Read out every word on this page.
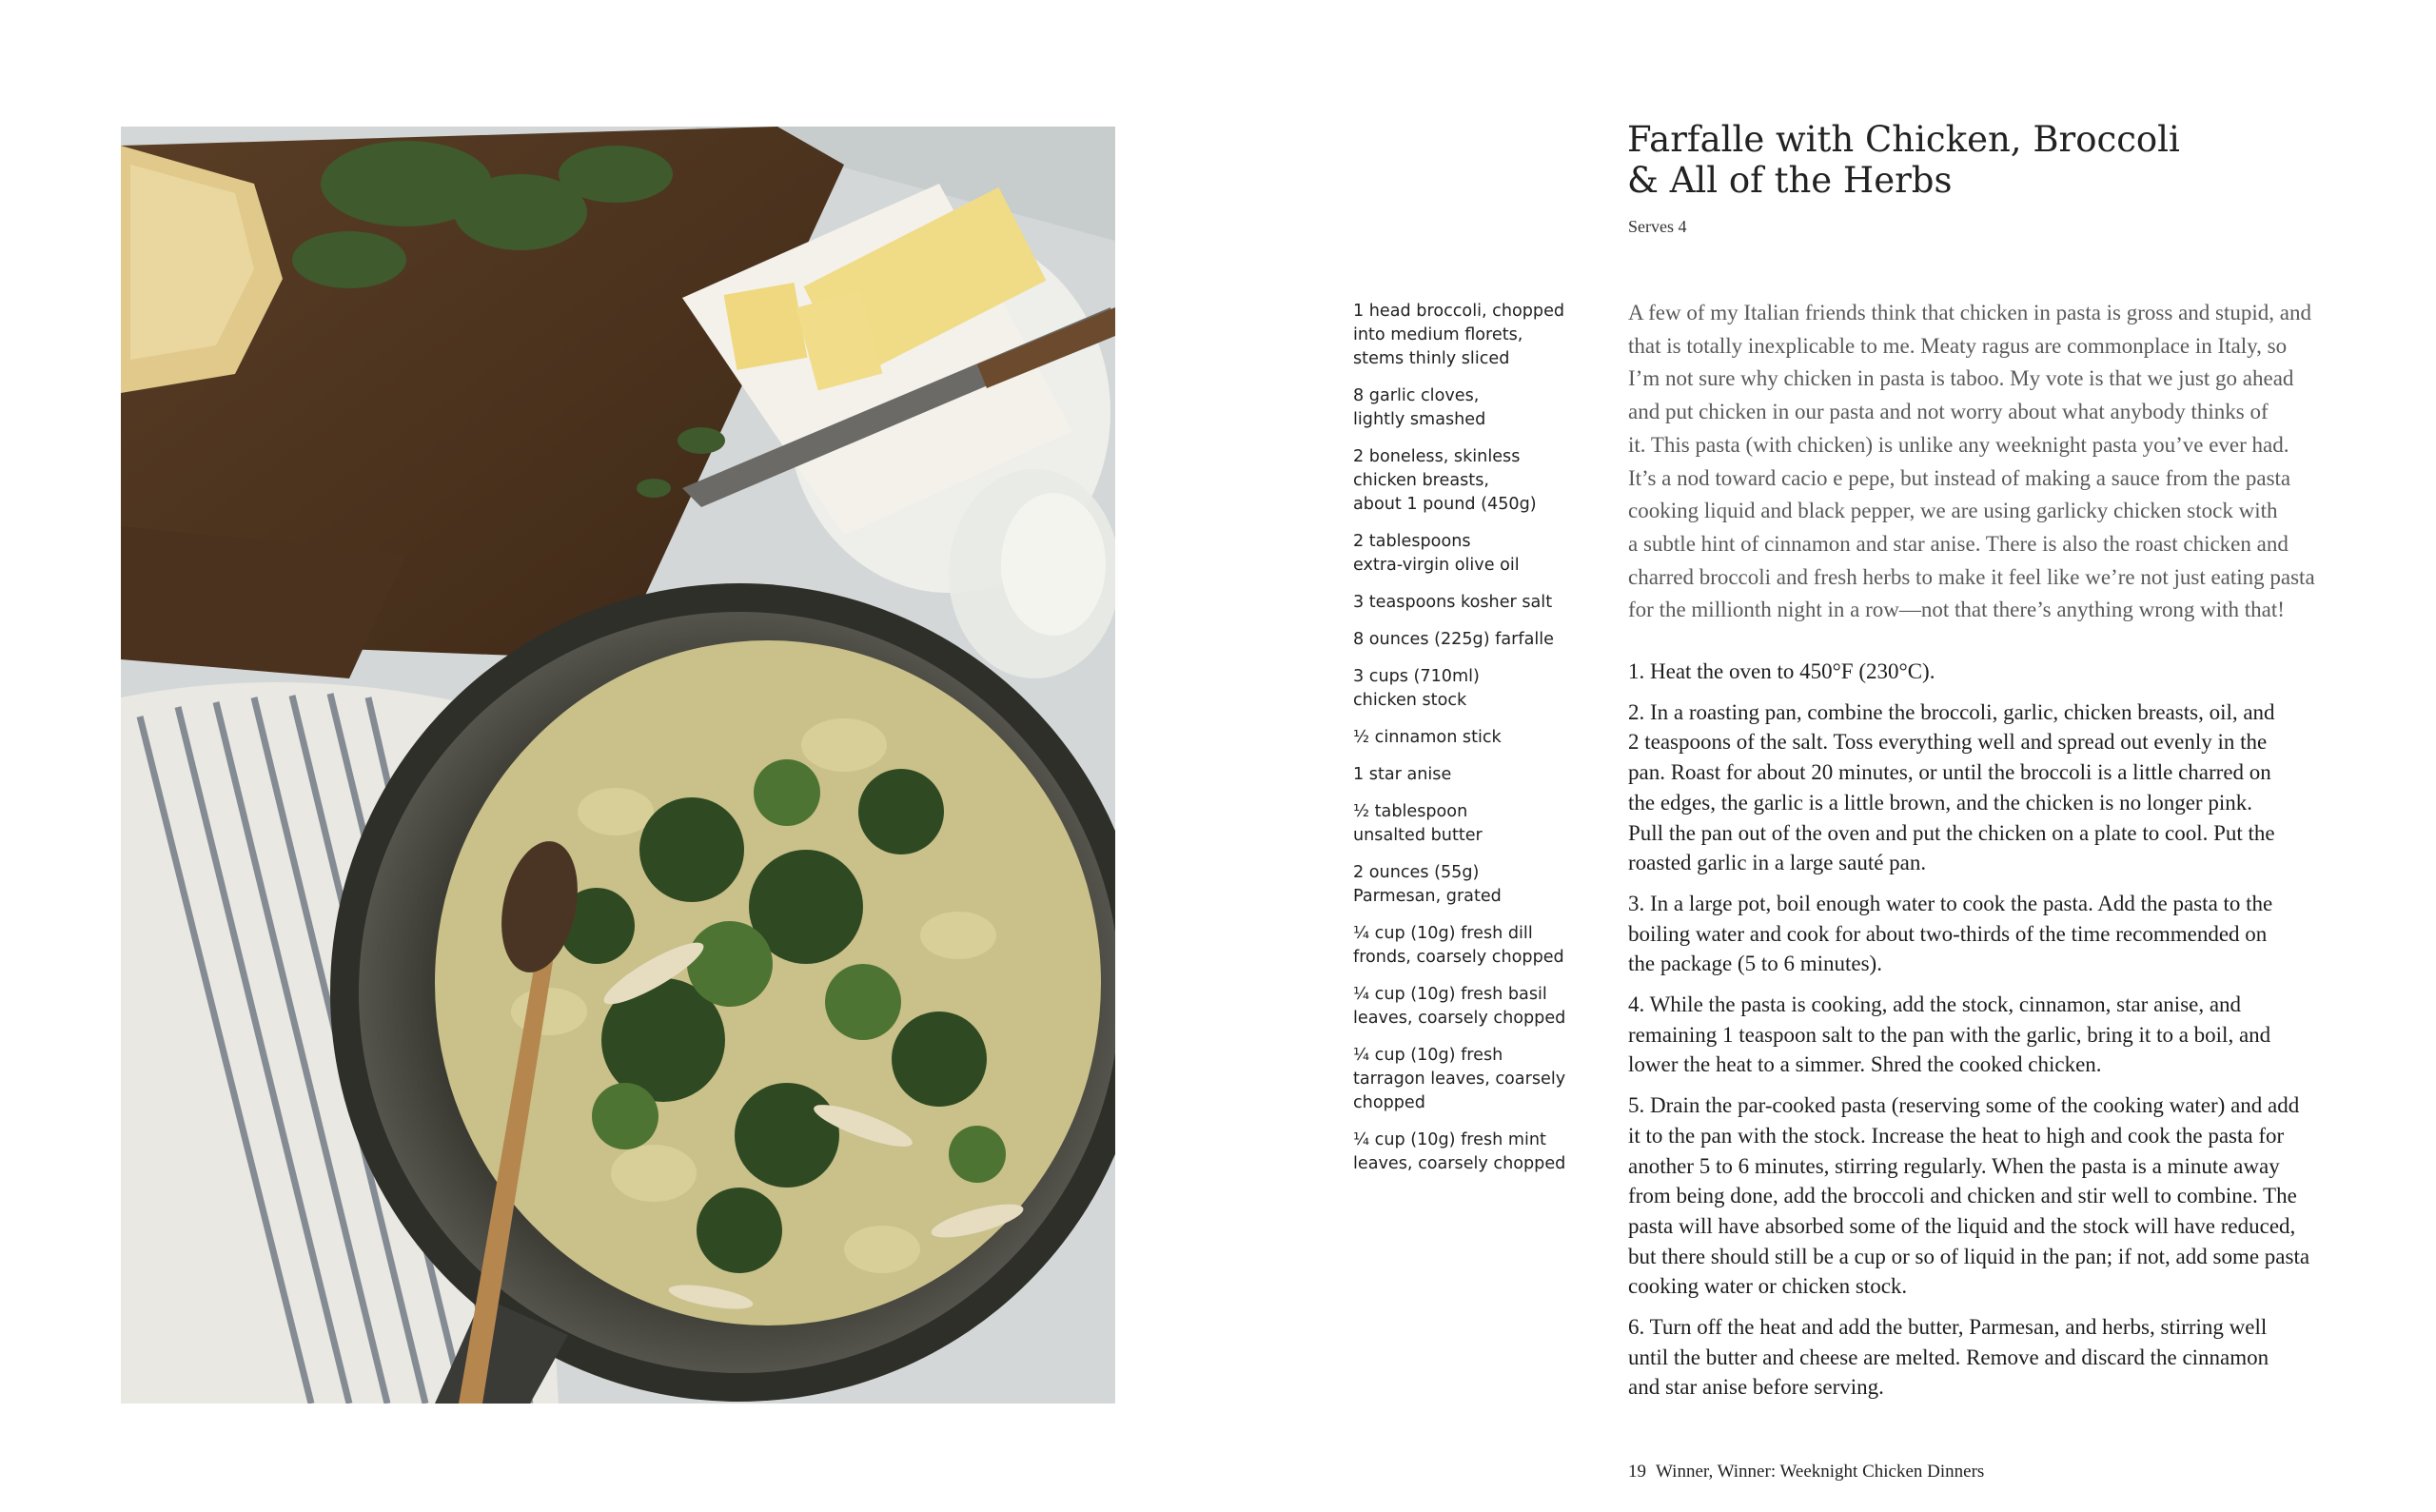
Farfalle with Chicken, Broccoli
& All of the Herbs
Serves 4
1 head broccoli, chopped
into medium florets,
stems thinly sliced
8 garlic cloves,
lightly smashed
2 boneless, skinless
chicken breasts,
about 1 pound (450g)
2 tablespoons
extra-virgin olive oil
3 teaspoons kosher salt
8 ounces (225g) farfalle
3 cups (710ml)
chicken stock
½ cinnamon stick
1 star anise
½ tablespoon
unsalted butter
2 ounces (55g)
Parmesan, grated
¼ cup (10g) fresh dill
fronds, coarsely chopped
¼ cup (10g) fresh basil
leaves, coarsely chopped
¼ cup (10g) fresh
tarragon leaves, coarsely
chopped
¼ cup (10g) fresh mint
leaves, coarsely chopped

A few of my Italian friends think that chicken in pasta is gross and stupid, and
that is totally inexplicable to me. Meaty ragus are commonplace in Italy, so
I’m not sure why chicken in pasta is taboo. My vote is that we just go ahead
and put chicken in our pasta and not worry about what anybody thinks of
it. This pasta (with chicken) is unlike any weeknight pasta you’ve ever had.
It’s a nod toward cacio e pepe, but instead of making a sauce from the pasta
cooking liquid and black pepper, we are using garlicky chicken stock with
a subtle hint of cinnamon and star anise. There is also the roast chicken and
charred broccoli and fresh herbs to make it feel like we’re not just eating pasta
for the millionth night in a row—not that there’s anything wrong with that!

1. Heat the oven to 450°F (230°C).
2. In a roasting pan, combine the broccoli, garlic, chicken breasts, oil, and
2 teaspoons of the salt. Toss everything well and spread out evenly in the
pan. Roast for about 20 minutes, or until the broccoli is a little charred on
the edges, the garlic is a little brown, and the chicken is no longer pink.
Pull the pan out of the oven and put the chicken on a plate to cool. Put the
roasted garlic in a large sauté pan.
3. In a large pot, boil enough water to cook the pasta. Add the pasta to the
boiling water and cook for about two-thirds of the time recommended on
the package (5 to 6 minutes).
4. While the pasta is cooking, add the stock, cinnamon, star anise, and
remaining 1 teaspoon salt to the pan with the garlic, bring it to a boil, and
lower the heat to a simmer. Shred the cooked chicken.
5. Drain the par-cooked pasta (reserving some of the cooking water) and add
it to the pan with the stock. Increase the heat to high and cook the pasta for
another 5 to 6 minutes, stirring regularly. When the pasta is a minute away
from being done, add the broccoli and chicken and stir well to combine. The
pasta will have absorbed some of the liquid and the stock will have reduced,
but there should still be a cup or so of liquid in the pan; if not, add some pasta
cooking water or chicken stock.
6. Turn off the heat and add the butter, Parmesan, and herbs, stirring well
until the butter and cheese are melted. Remove and discard the cinnamon
and star anise before serving.
19 Winner, Winner: Weeknight Chicken Dinners
